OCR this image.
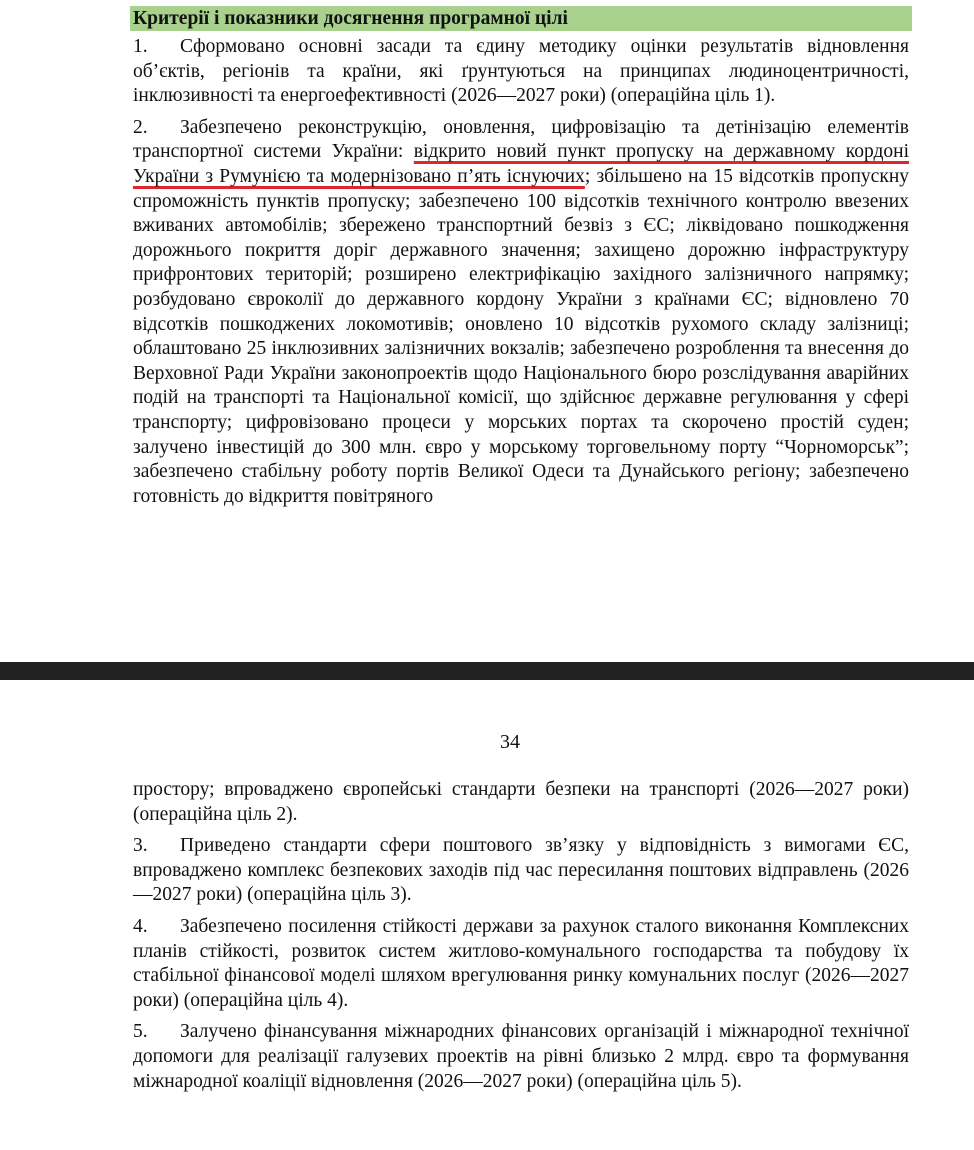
Критерії і показники досягнення програмної цілі

1. Сформовано основні засади та єдину методику оцінки результатів відновлення об’єктів, регіонів та країни, які ґрунтуються на принципах людиноцентричності, інклюзивності та енергоефективності (2026—2027 роки) (операційна ціль 1).

2. Забезпечено реконструкцію, оновлення, цифровізацію та детінізацію елементів транспортної системи України: відкрито новий пункт пропуску на державному кордоні України з Румунією та модернізовано п’ять існуючих; збільшено на 15 відсотків пропускну спроможність пунктів пропуску; забезпечено 100 відсотків технічного контролю ввезених вживаних автомобілів; збережено транспортний безвіз з ЄС; ліквідовано пошкодження дорожнього покриття доріг державного значення; захищено дорожню інфраструктуру прифронтових територій; розширено електрифікацію західного залізничного напрямку; розбудовано євроколії до державного кордону України з країнами ЄС; відновлено 70 відсотків пошкоджених локомотивів; оновлено 10 відсотків рухомого складу залізниці; облаштовано 25 інклюзивних залізничних вокзалів; забезпечено розроблення та внесення до Верховної Ради України законопроектів щодо Національного бюро розслідування аварійних подій на транспорті та Національної комісії, що здійснює державне регулювання у сфері транспорту; цифровізовано процеси у морських портах та скорочено простій суден; залучено інвестицій до 300 млн. євро у морському торговельному порту “Чорноморськ”; забезпечено стабільну роботу портів Великої Одеси та Дунайського регіону; забезпечено готовність до відкриття повітряного

34

простору; впроваджено європейські стандарти безпеки на транспорті (2026—2027 роки) (операційна ціль 2).

3. Приведено стандарти сфери поштового зв’язку у відповідність з вимогами ЄС, впроваджено комплекс безпекових заходів під час пересилання поштових відправлень (2026—2027 роки) (операційна ціль 3).

4. Забезпечено посилення стійкості держави за рахунок сталого виконання Комплексних планів стійкості, розвиток систем житлово-комунального господарства та побудову їх стабільної фінансової моделі шляхом врегулювання ринку комунальних послуг (2026—2027 роки) (операційна ціль 4).

5. Залучено фінансування міжнародних фінансових організацій і міжнародної технічної допомоги для реалізації галузевих проектів на рівні близько 2 млрд. євро та формування міжнародної коаліції відновлення (2026—2027 роки) (операційна ціль 5).
